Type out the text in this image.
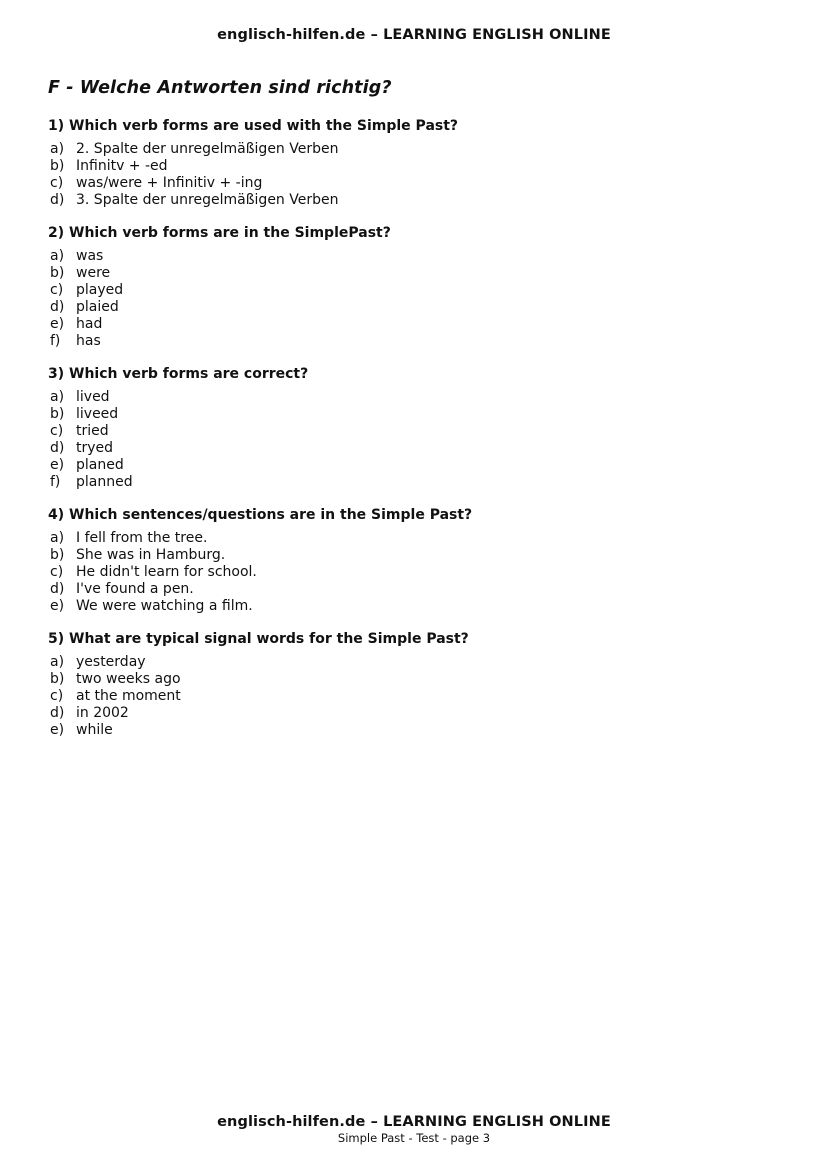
englisch-hilfen.de – LEARNING ENGLISH ONLINE
F - Welche Antworten sind richtig?
1) Which verb forms are used with the Simple Past?
a) 2. Spalte der unregelmäßigen Verben
b) Infinitv + -ed
c) was/were + Infinitiv + -ing
d) 3. Spalte der unregelmäßigen Verben
2) Which verb forms are in the SimplePast?
a) was
b) were
c) played
d) plaied
e) had
f)	has
3) Which verb forms are correct?
a) lived
b) liveed
c) tried
d) tryed
e) planed
f)	planned
4) Which sentences/questions are in the Simple Past?
a) I fell from the tree.
b) She was in Hamburg.
c) He didn't learn for school.
d) I've found a pen.
e) We were watching a film.
5) What are typical signal words for the Simple Past?
a) yesterday
b) two weeks ago
c) at the moment
d) in 2002
e) while
englisch-hilfen.de – LEARNING ENGLISH ONLINE
Simple Past - Test - page 3
